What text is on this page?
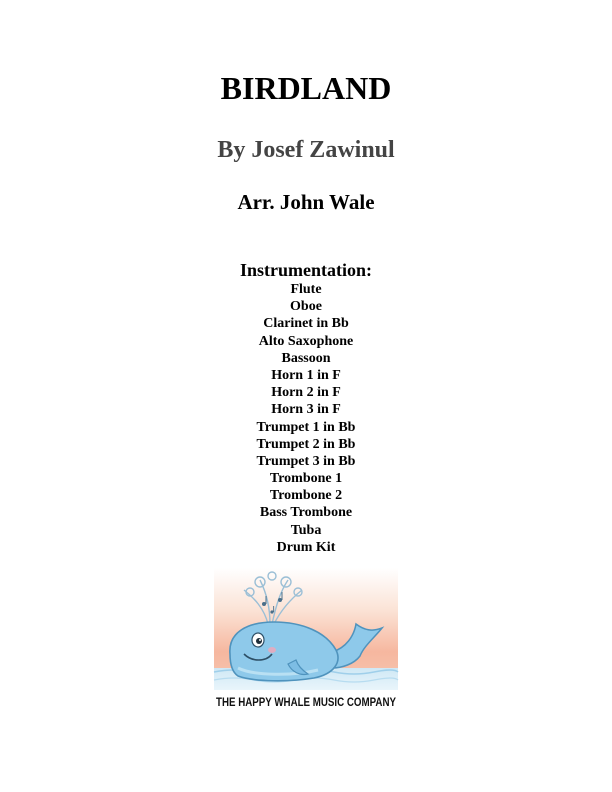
BIRDLAND
By Josef Zawinul
Arr. John Wale
Instrumentation:
Flute
Oboe
Clarinet in Bb
Alto Saxophone
Bassoon
Horn 1 in F
Horn 2 in F
Horn 3 in F
Trumpet 1 in Bb
Trumpet 2 in Bb
Trumpet 3 in Bb
Trombone 1
Trombone 2
Bass Trombone
Tuba
Drum Kit
THE HAPPY WHALE MUSIC COMPANY
